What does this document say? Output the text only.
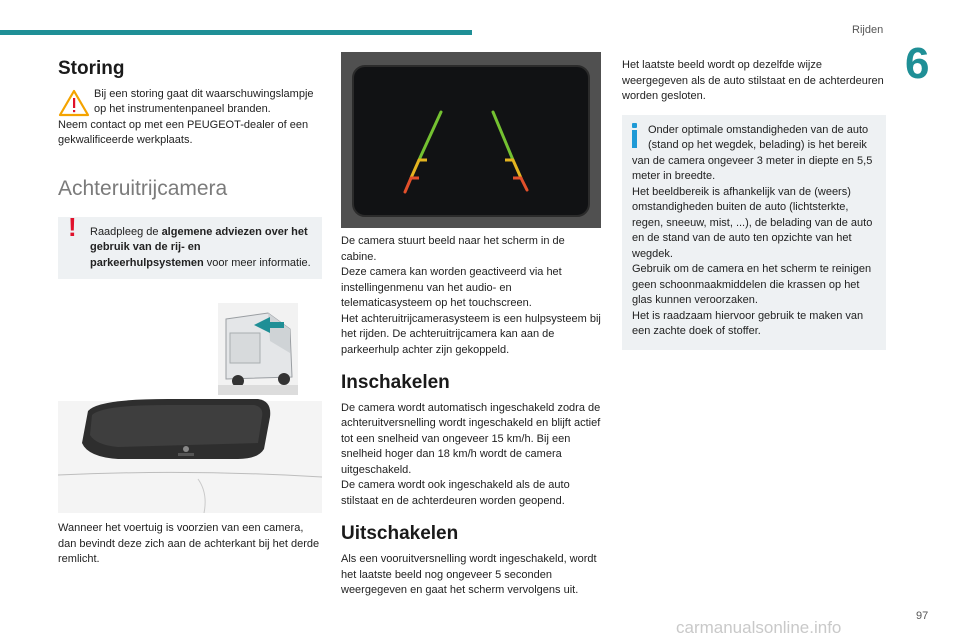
Rijden
6
Storing
Bij een storing gaat dit waarschuwingslampje op het instrumentenpaneel branden.
Neem contact op met een PEUGEOT-dealer of een gekwalificeerde werkplaats.
Achteruitrijcamera
! Raadpleeg de algemene adviezen over het gebruik van de rij- en parkeerhulpsystemen voor meer informatie.
Wanneer het voertuig is voorzien van een camera, dan bevindt deze zich aan de achterkant bij het derde remlicht.
De camera stuurt beeld naar het scherm in de cabine.
Deze camera kan worden geactiveerd via het instellingenmenu van het audio- en telematicasysteem op het touchscreen.
Het achteruitrijcamerasysteem is een hulpsysteem bij het rijden. De achteruitrijcamera kan aan de parkeerhulp achter zijn gekoppeld.
Inschakelen
De camera wordt automatisch ingeschakeld zodra de achteruitversnelling wordt ingeschakeld en blijft actief tot een snelheid van ongeveer 15 km/h. Bij een snelheid hoger dan 18 km/h wordt de camera uitgeschakeld.
De camera wordt ook ingeschakeld als de auto stilstaat en de achterdeuren worden geopend.
Uitschakelen
Als een vooruitversnelling wordt ingeschakeld, wordt het laatste beeld nog ongeveer 5 seconden weergegeven en gaat het scherm vervolgens uit.
Het laatste beeld wordt op dezelfde wijze weergegeven als de auto stilstaat en de achterdeuren worden gesloten.
Onder optimale omstandigheden van de auto (stand op het wegdek, belading) is het bereik van de camera ongeveer 3 meter in diepte en 5,5 meter in breedte.
Het beeldbereik is afhankelijk van de (weers) omstandigheden buiten de auto (lichtsterkte, regen, sneeuw, mist, ...), de belading van de auto en de stand van de auto ten opzichte van het wegdek.
Gebruik om de camera en het scherm te reinigen geen schoonmaakmiddelen die krassen op het glas kunnen veroorzaken.
Het is raadzaam hiervoor gebruik te maken van een zachte doek of stoffer.
97
carmanualsonline.info
